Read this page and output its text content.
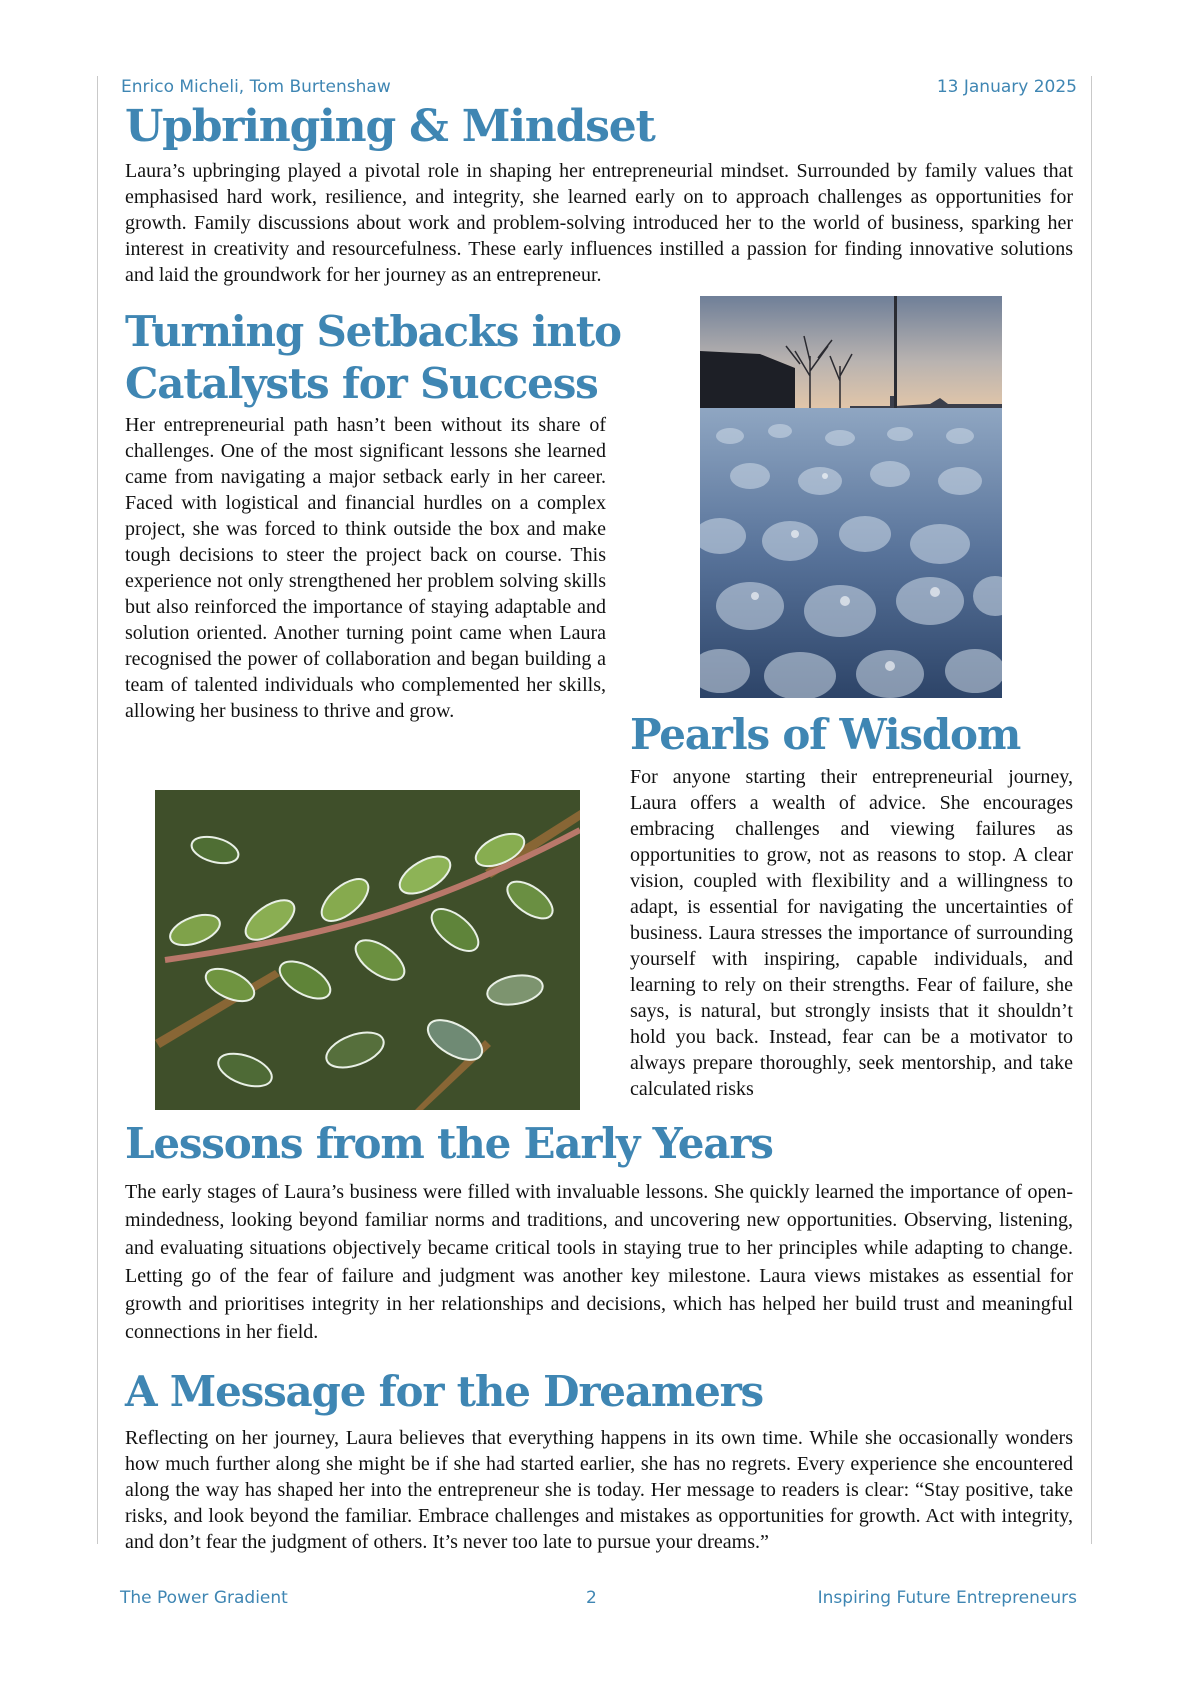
Enrico Micheli, Tom Burtenshaw	13 January 2025
Upbringing & Mindset

Laura’s upbringing played a pivotal role in shaping her entrepreneurial mindset. Surrounded by family values that emphasised hard work, resilience, and integrity, she learned early on to approach challenges as opportunities for growth. Family discussions about work and problem-solving introduced her to the world of business, sparking her interest in creativity and resourcefulness. These early influences instilled a passion for finding innovative solutions and laid the groundwork for her journey as an entrepreneur.

Turning Setbacks into Catalysts for Success

Her entrepreneurial path hasn’t been without its share of challenges. One of the most significant lessons she learned came from navigating a major setback early in her career. Faced with logistical and financial hurdles on a complex project, she was forced to think outside the box and make tough decisions to steer the project back on course. This experience not only strengthened her problem solving skills but also reinforced the importance of staying adaptable and solution oriented. Another turning point came when Laura recognised the power of collaboration and began building a team of talented individuals who complemented her skills, allowing her business to thrive and grow.	Pearls of Wisdom

For anyone starting their entrepreneurial journey, Laura offers a wealth of advice. She encourages embracing challenges and viewing failures as opportunities to grow, not as reasons to stop. A clear vision, coupled with flexibility and a willingness to adapt, is essential for navigating the uncertainties of business. Laura stresses the importance of surrounding yourself with inspiring, capable individuals, and learning to rely on their strengths. Fear of failure, she says, is natural, but strongly insists that it shouldn’t hold you back. Instead, fear can be a motivator to always prepare thoroughly, seek mentorship, and take calculated risks

Lessons from the Early Years

The early stages of Laura’s business were filled with invaluable lessons. She quickly learned the importance of open-mindedness, looking beyond familiar norms and traditions, and uncovering new opportunities. Observing, listening, and evaluating situations objectively became critical tools in staying true to her principles while adapting to change. Letting go of the fear of failure and judgment was another key milestone. Laura views mistakes as essential for growth and prioritises integrity in her relationships and decisions, which has helped her build trust and meaningful connections in her field.

A Message for the Dreamers

Reflecting on her journey, Laura believes that everything happens in its own time. While she occasionally wonders how much further along she might be if she had started earlier, she has no regrets. Every experience she encountered along the way has shaped her into the entrepreneur she is today. Her message to readers is clear: “Stay positive, take risks, and look beyond the familiar. Embrace challenges and mistakes as opportunities for growth. Act with integrity, and don’t fear the judgment of others. It’s never too late to pursue your dreams.”

The Power Gradient	2	Inspiring Future Entrepreneurs
